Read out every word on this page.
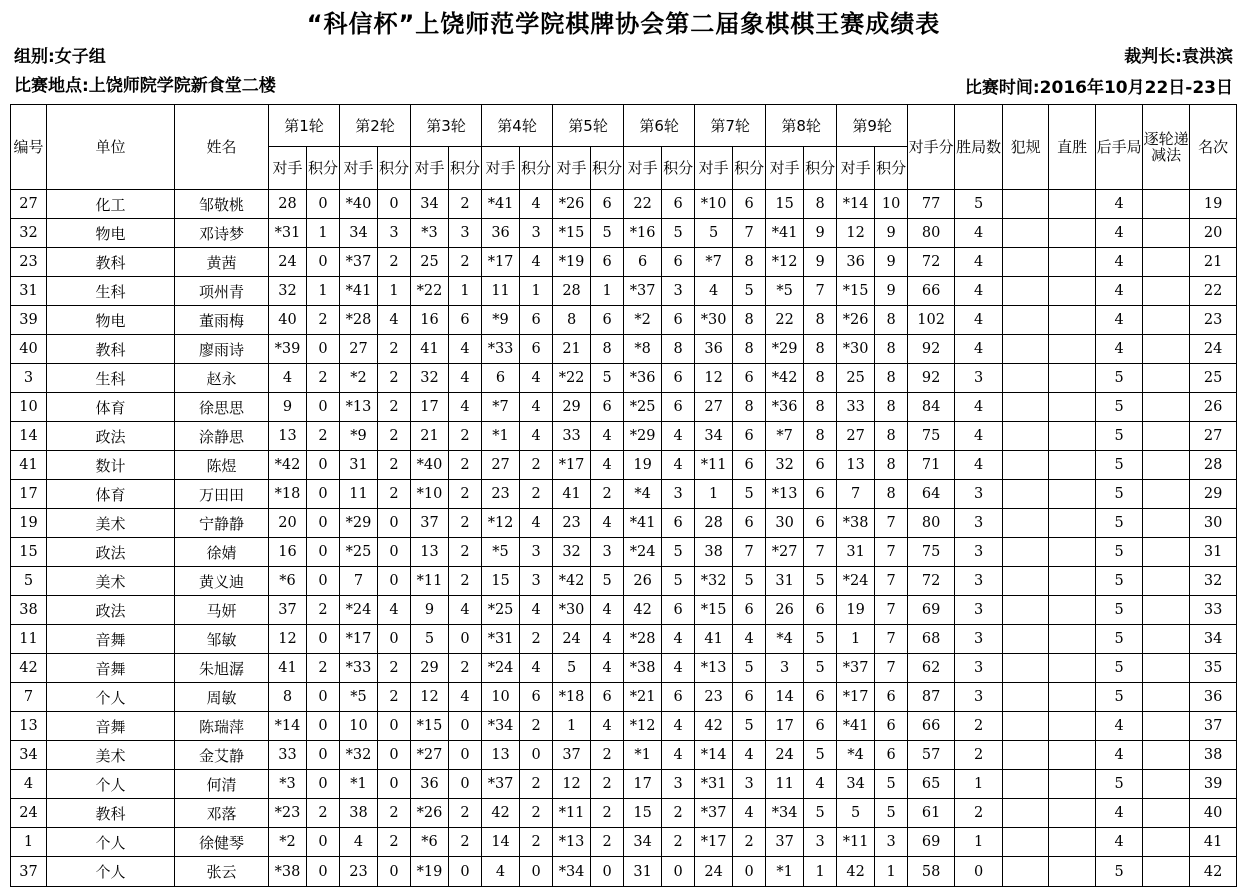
“科信杯”上饶师范学院棋牌协会第二届象棋棋王赛成绩表
组别:女子组	裁判长:袁洪滨
比赛地点:上饶师院学院新食堂二楼	比赛时间:2016年10月22日-23日
编号	单位	姓名	第1轮		第2轮		第3轮		第4轮		第5轮		第6轮		第7轮		第8轮		第9轮		对手分	胜局数	犯规	直胜	后手局	逐轮递减法	名次
			对手	积分	对手	积分	对手	积分	对手	积分	对手	积分	对手	积分	对手	积分	对手	积分	对手	积分							
27	化工	邹敬桃	28	0	*40	0	34	2	*41	4	*26	6	22	6	*10	6	15	8	*14	10	77	5			4		19
32	物电	邓诗梦	*31	1	34	3	*3	3	36	3	*15	5	*16	5	5	7	*41	9	12	9	80	4			4		20
23	教科	黄茜	24	0	*37	2	25	2	*17	4	*19	6	6	6	*7	8	*12	9	36	9	72	4			4		21
31	生科	项州青	32	1	*41	1	*22	1	11	1	28	1	*37	3	4	5	*5	7	*15	9	66	4			4		22
39	物电	董雨梅	40	2	*28	4	16	6	*9	6	8	6	*2	6	*30	8	22	8	*26	8	102	4			4		23
40	教科	廖雨诗	*39	0	27	2	41	4	*33	6	21	8	*8	8	36	8	*29	8	*30	8	92	4			4		24
3	生科	赵永	4	2	*2	2	32	4	6	4	*22	5	*36	6	12	6	*42	8	25	8	92	3			5		25
10	体育	徐思思	9	0	*13	2	17	4	*7	4	29	6	*25	6	27	8	*36	8	33	8	84	4			5		26
14	政法	涂静思	13	2	*9	2	21	2	*1	4	33	4	*29	4	34	6	*7	8	27	8	75	4			5		27
41	数计	陈煜	*42	0	31	2	*40	2	27	2	*17	4	19	4	*11	6	32	6	13	8	71	4			5		28
17	体育	万田田	*18	0	11	2	*10	2	23	2	41	2	*4	3	1	5	*13	6	7	8	64	3			5		29
19	美术	宁静静	20	0	*29	0	37	2	*12	4	23	4	*41	6	28	6	30	6	*38	7	80	3			5		30
15	政法	徐婧	16	0	*25	0	13	2	*5	3	32	3	*24	5	38	7	*27	7	31	7	75	3			5		31
5	美术	黄义迪	*6	0	7	0	*11	2	15	3	*42	5	26	5	*32	5	31	5	*24	7	72	3			5		32
38	政法	马妍	37	2	*24	4	9	4	*25	4	*30	4	42	6	*15	6	26	6	19	7	69	3			5		33
11	音舞	邹敏	12	0	*17	0	5	0	*31	2	24	4	*28	4	41	4	*4	5	1	7	68	3			5		34
42	音舞	朱旭潺	41	2	*33	2	29	2	*24	4	5	4	*38	4	*13	5	3	5	*37	7	62	3			5		35
7	个人	周敏	8	0	*5	2	12	4	10	6	*18	6	*21	6	23	6	14	6	*17	6	87	3			5		36
13	音舞	陈瑞萍	*14	0	10	0	*15	0	*34	2	1	4	*12	4	42	5	17	6	*41	6	66	2			4		37
34	美术	金艾静	33	0	*32	0	*27	0	13	0	37	2	*1	4	*14	4	24	5	*4	6	57	2			4		38
4	个人	何清	*3	0	*1	0	36	0	*37	2	12	2	17	3	*31	3	11	4	34	5	65	1			5		39
24	教科	邓落	*23	2	38	2	*26	2	42	2	*11	2	15	2	*37	4	*34	5	5	5	61	2			4		40
1	个人	徐健琴	*2	0	4	2	*6	2	14	2	*13	2	34	2	*17	2	37	3	*11	3	69	1			4		41
37	个人	张云	*38	0	23	0	*19	0	4	0	*34	0	31	0	24	0	*1	1	42	1	58	0			5		42
